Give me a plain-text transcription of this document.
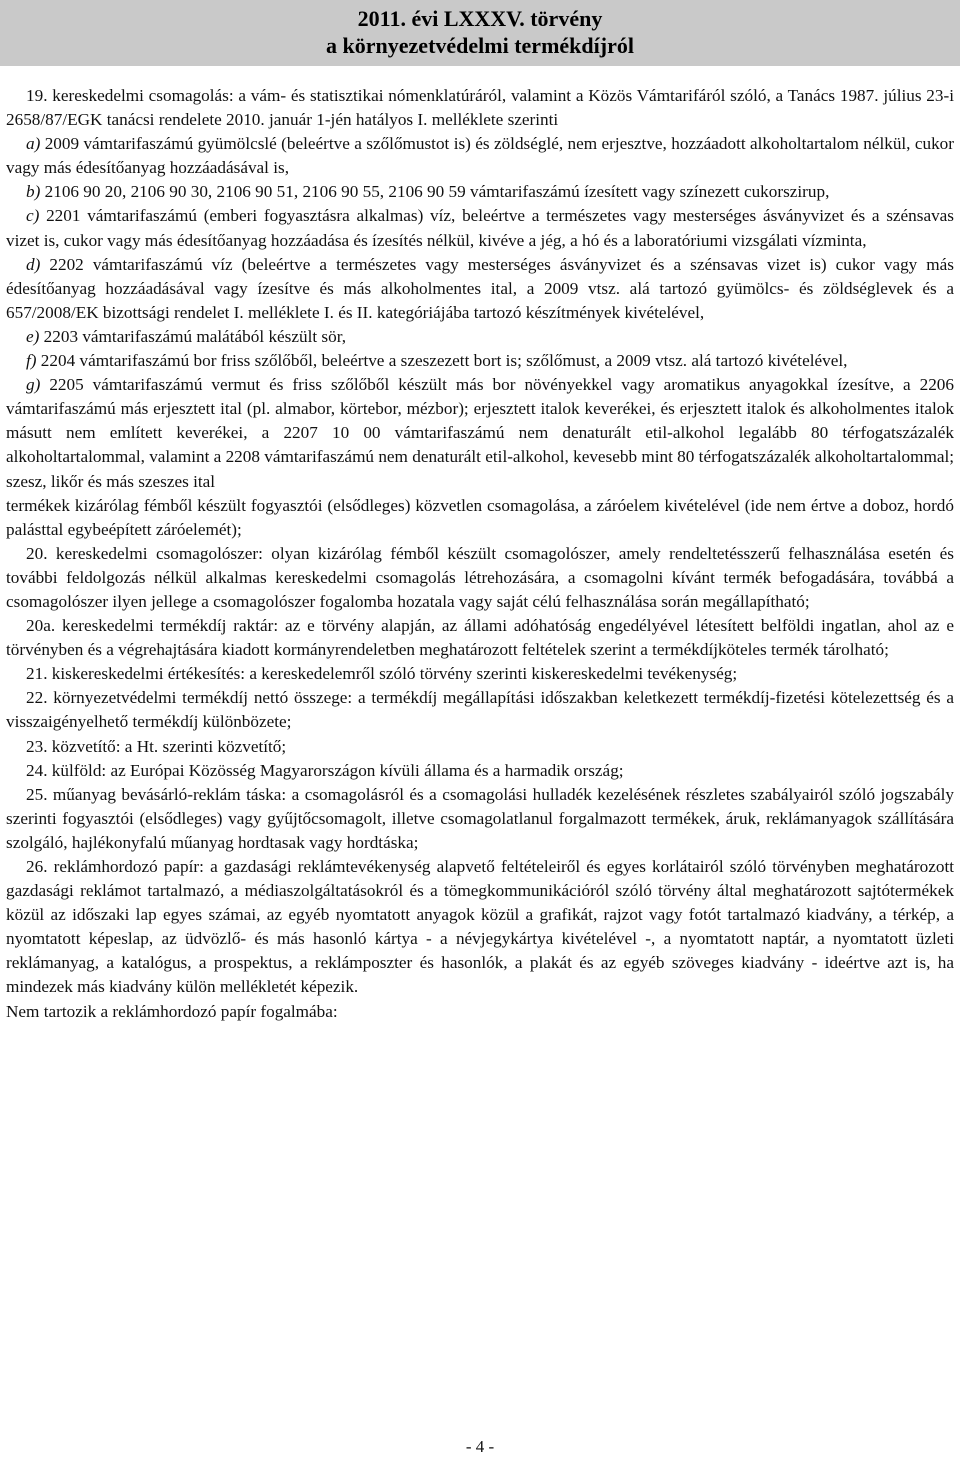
2011. évi LXXXV. törvény
a környezetvédelmi termékdíjról

19. kereskedelmi csomagolás: a vám- és statisztikai nómenklatúráról, valamint a Közös Vámtarifáról szóló, a Tanács 1987. július 23-i 2658/87/EGK tanácsi rendelete 2010. január 1-jén hatályos I. melléklete szerinti

a) 2009 vámtarifaszámú gyümölcslé (beleértve a szőlőmustot is) és zöldséglé, nem erjesztve, hozzáadott alkoholtartalom nélkül, cukor vagy más édesítőanyag hozzáadásával is,

b) 2106 90 20, 2106 90 30, 2106 90 51, 2106 90 55, 2106 90 59 vámtarifaszámú ízesített vagy színezett cukorszirup,

c) 2201 vámtarifaszámú (emberi fogyasztásra alkalmas) víz, beleértve a természetes vagy mesterséges ásványvizet és a szénsavas vizet is, cukor vagy más édesítőanyag hozzáadása és ízesítés nélkül, kivéve a jég, a hó és a laboratóriumi vizsgálati vízminta,

d) 2202 vámtarifaszámú víz (beleértve a természetes vagy mesterséges ásványvizet és a szénsavas vizet is) cukor vagy más édesítőanyag hozzáadásával vagy ízesítve és más alkoholmentes ital, a 2009 vtsz. alá tartozó gyümölcs- és zöldséglevek és a 657/2008/EK bizottsági rendelet I. melléklete I. és II. kategóriájába tartozó készítmények kivételével,

e) 2203 vámtarifaszámú malátából készült sör,

f) 2204 vámtarifaszámú bor friss szőlőből, beleértve a szeszezett bort is; szőlőmust, a 2009 vtsz. alá tartozó kivételével,

g) 2205 vámtarifaszámú vermut és friss szőlőből készült más bor növényekkel vagy aromatikus anyagokkal ízesítve, a 2206 vámtarifaszámú más erjesztett ital (pl. almabor, körtebor, mézbor); erjesztett italok keverékei, és erjesztett italok és alkoholmentes italok másutt nem említett keverékei, a 2207 10 00 vámtarifaszámú nem denaturált etil-alkohol legalább 80 térfogatszázalék alkoholtartalommal, valamint a 2208 vámtarifaszámú nem denaturált etil-alkohol, kevesebb mint 80 térfogatszázalék alkoholtartalommal; szesz, likőr és más szeszes ital

termékek kizárólag fémből készült fogyasztói (elsődleges) közvetlen csomagolása, a záróelem kivételével (ide nem értve a doboz, hordó palásttal egybeépített záróelemét);

20. kereskedelmi csomagolószer: olyan kizárólag fémből készült csomagolószer, amely rendeltetésszerű felhasználása esetén és további feldolgozás nélkül alkalmas kereskedelmi csomagolás létrehozására, a csomagolni kívánt termék befogadására, továbbá a csomagolószer ilyen jellege a csomagolószer fogalomba hozatala vagy saját célú felhasználása során megállapítható;

20a. kereskedelmi termékdíj raktár: az e törvény alapján, az állami adóhatóság engedélyével létesített belföldi ingatlan, ahol az e törvényben és a végrehajtására kiadott kormányrendeletben meghatározott feltételek szerint a termékdíjköteles termék tárolható;

21. kiskereskedelmi értékesítés: a kereskedelemről szóló törvény szerinti kiskereskedelmi tevékenység;

22. környezetvédelmi termékdíj nettó összege: a termékdíj megállapítási időszakban keletkezett termékdíj-fizetési kötelezettség és a visszaigényelhető termékdíj különbözete;

23. közvetítő: a Ht. szerinti közvetítő;

24. külföld: az Európai Közösség Magyarországon kívüli állama és a harmadik ország;

25. műanyag bevásárló-reklám táska: a csomagolásról és a csomagolási hulladék kezelésének részletes szabályairól szóló jogszabály szerinti fogyasztói (elsődleges) vagy gyűjtőcsomagolt, illetve csomagolatlanul forgalmazott termékek, áruk, reklámanyagok szállítására szolgáló, hajlékonyfalú műanyag hordtasak vagy hordtáska;

26. reklámhordozó papír: a gazdasági reklámtevékenység alapvető feltételeiről és egyes korlátairól szóló törvényben meghatározott gazdasági reklámot tartalmazó, a médiaszolgáltatásokról és a tömegkommunikációról szóló törvény által meghatározott sajtótermékek közül az időszaki lap egyes számai, az egyéb nyomtatott anyagok közül a grafikát, rajzot vagy fotót tartalmazó kiadvány, a térkép, a nyomtatott képeslap, az üdvözlő- és más hasonló kártya - a névjegykártya kivételével -, a nyomtatott naptár, a nyomtatott üzleti reklámanyag, a katalógus, a prospektus, a reklámposzter és hasonlók, a plakát és az egyéb szöveges kiadvány - ideértve azt is, ha mindezek más kiadvány külön mellékletét képezik.

Nem tartozik a reklámhordozó papír fogalmába:

- 4 -
